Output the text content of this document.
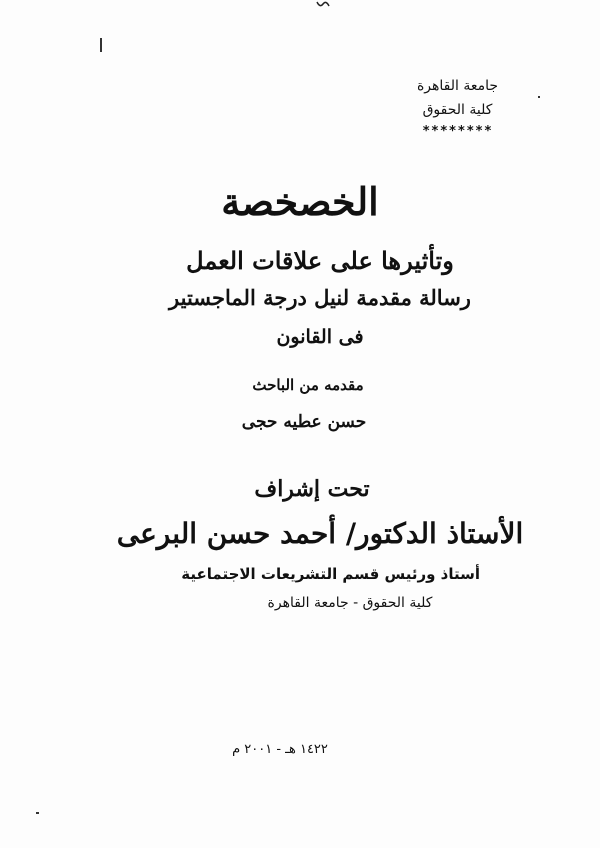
جامعة القاهرة
كلية الحقوق
********
الخصخصة
وتأثيرها على علاقات العمل
رسالة مقدمة لنيل درجة الماجستير
فى القانون
مقدمه من الباحث
حسن عطيه حجى
تحت إشراف
الأستاذ الدكتور/ أحمد حسن البرعى
أستاذ ورئيس قسم التشريعات الاجتماعية
كلية الحقوق - جامعة القاهرة
١٤٢٢ هـ - ٢٠٠١ م
